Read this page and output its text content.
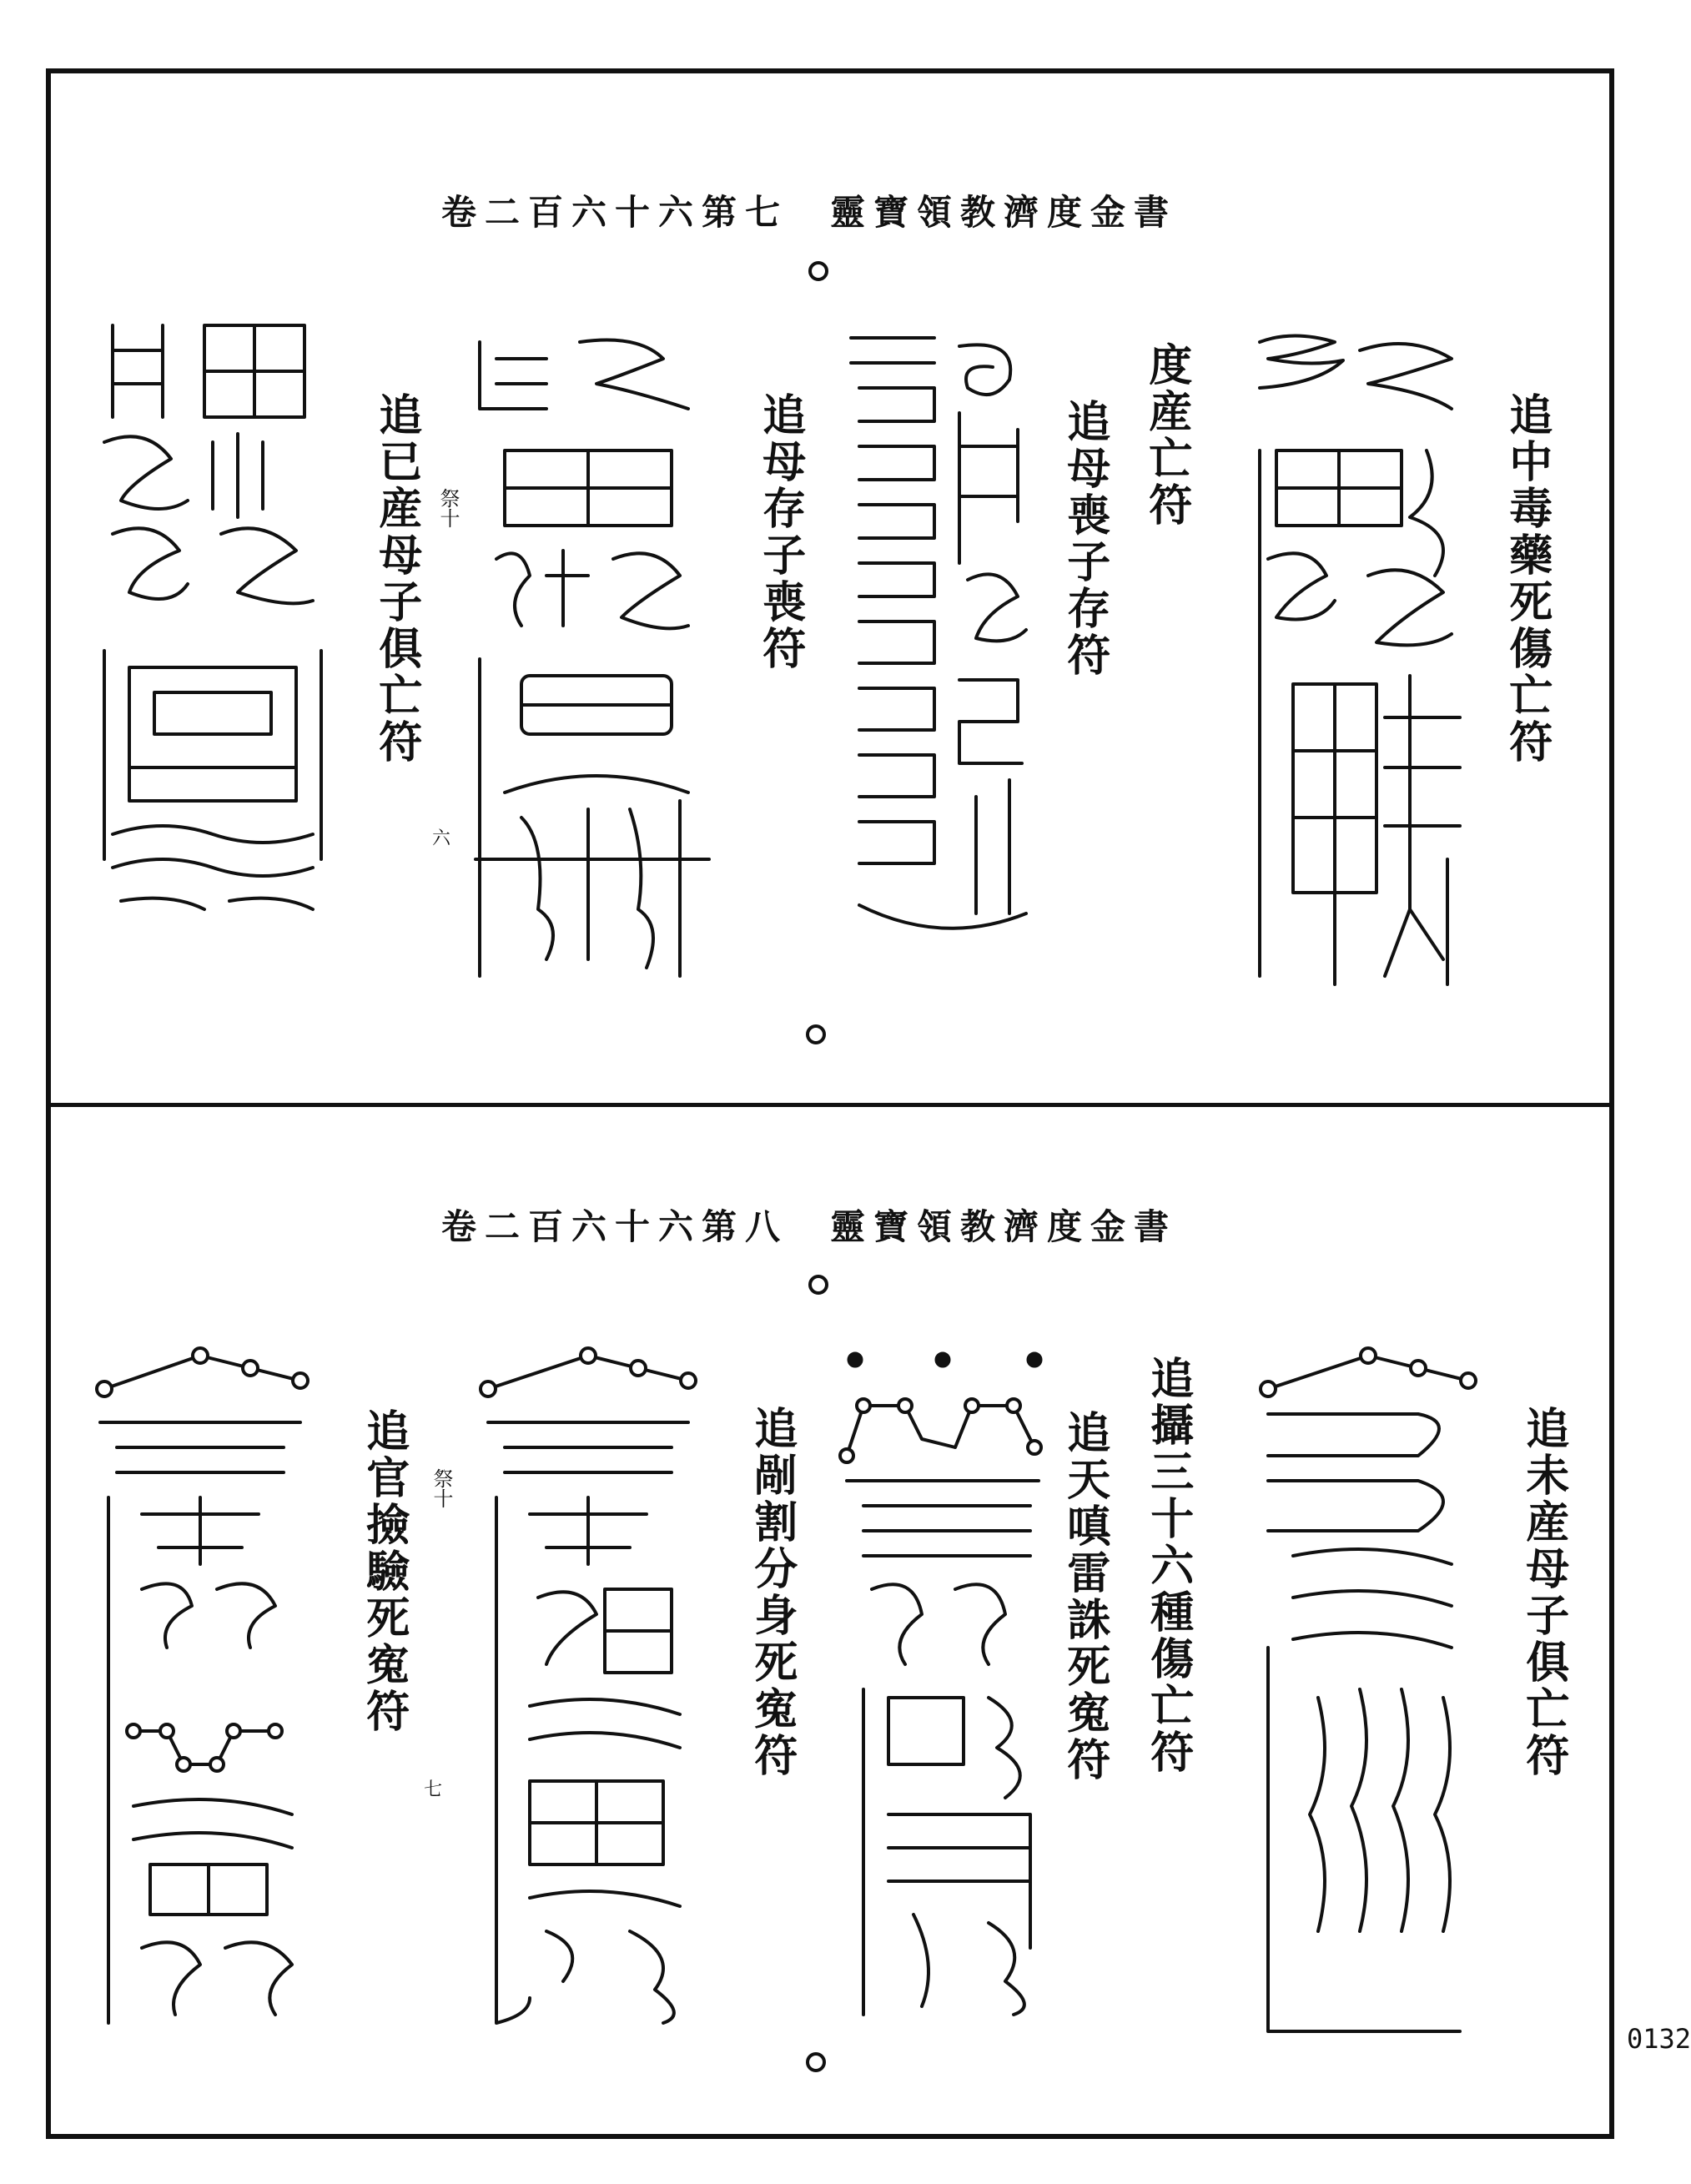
卷二百六十六第七 靈寶領教濟度金書
追中毒藥死傷亡符
度産亡符
追母喪子存符
追母存子喪符
追已産母子俱亡符 祭十
六
卷二百六十六第八 靈寶領教濟度金書
追未産母子俱亡符
追攝三十六種傷亡符
追天嗔雷誅死寃符
追剮割分身死寃符
追官撿驗死寃符 祭十
七
0132
